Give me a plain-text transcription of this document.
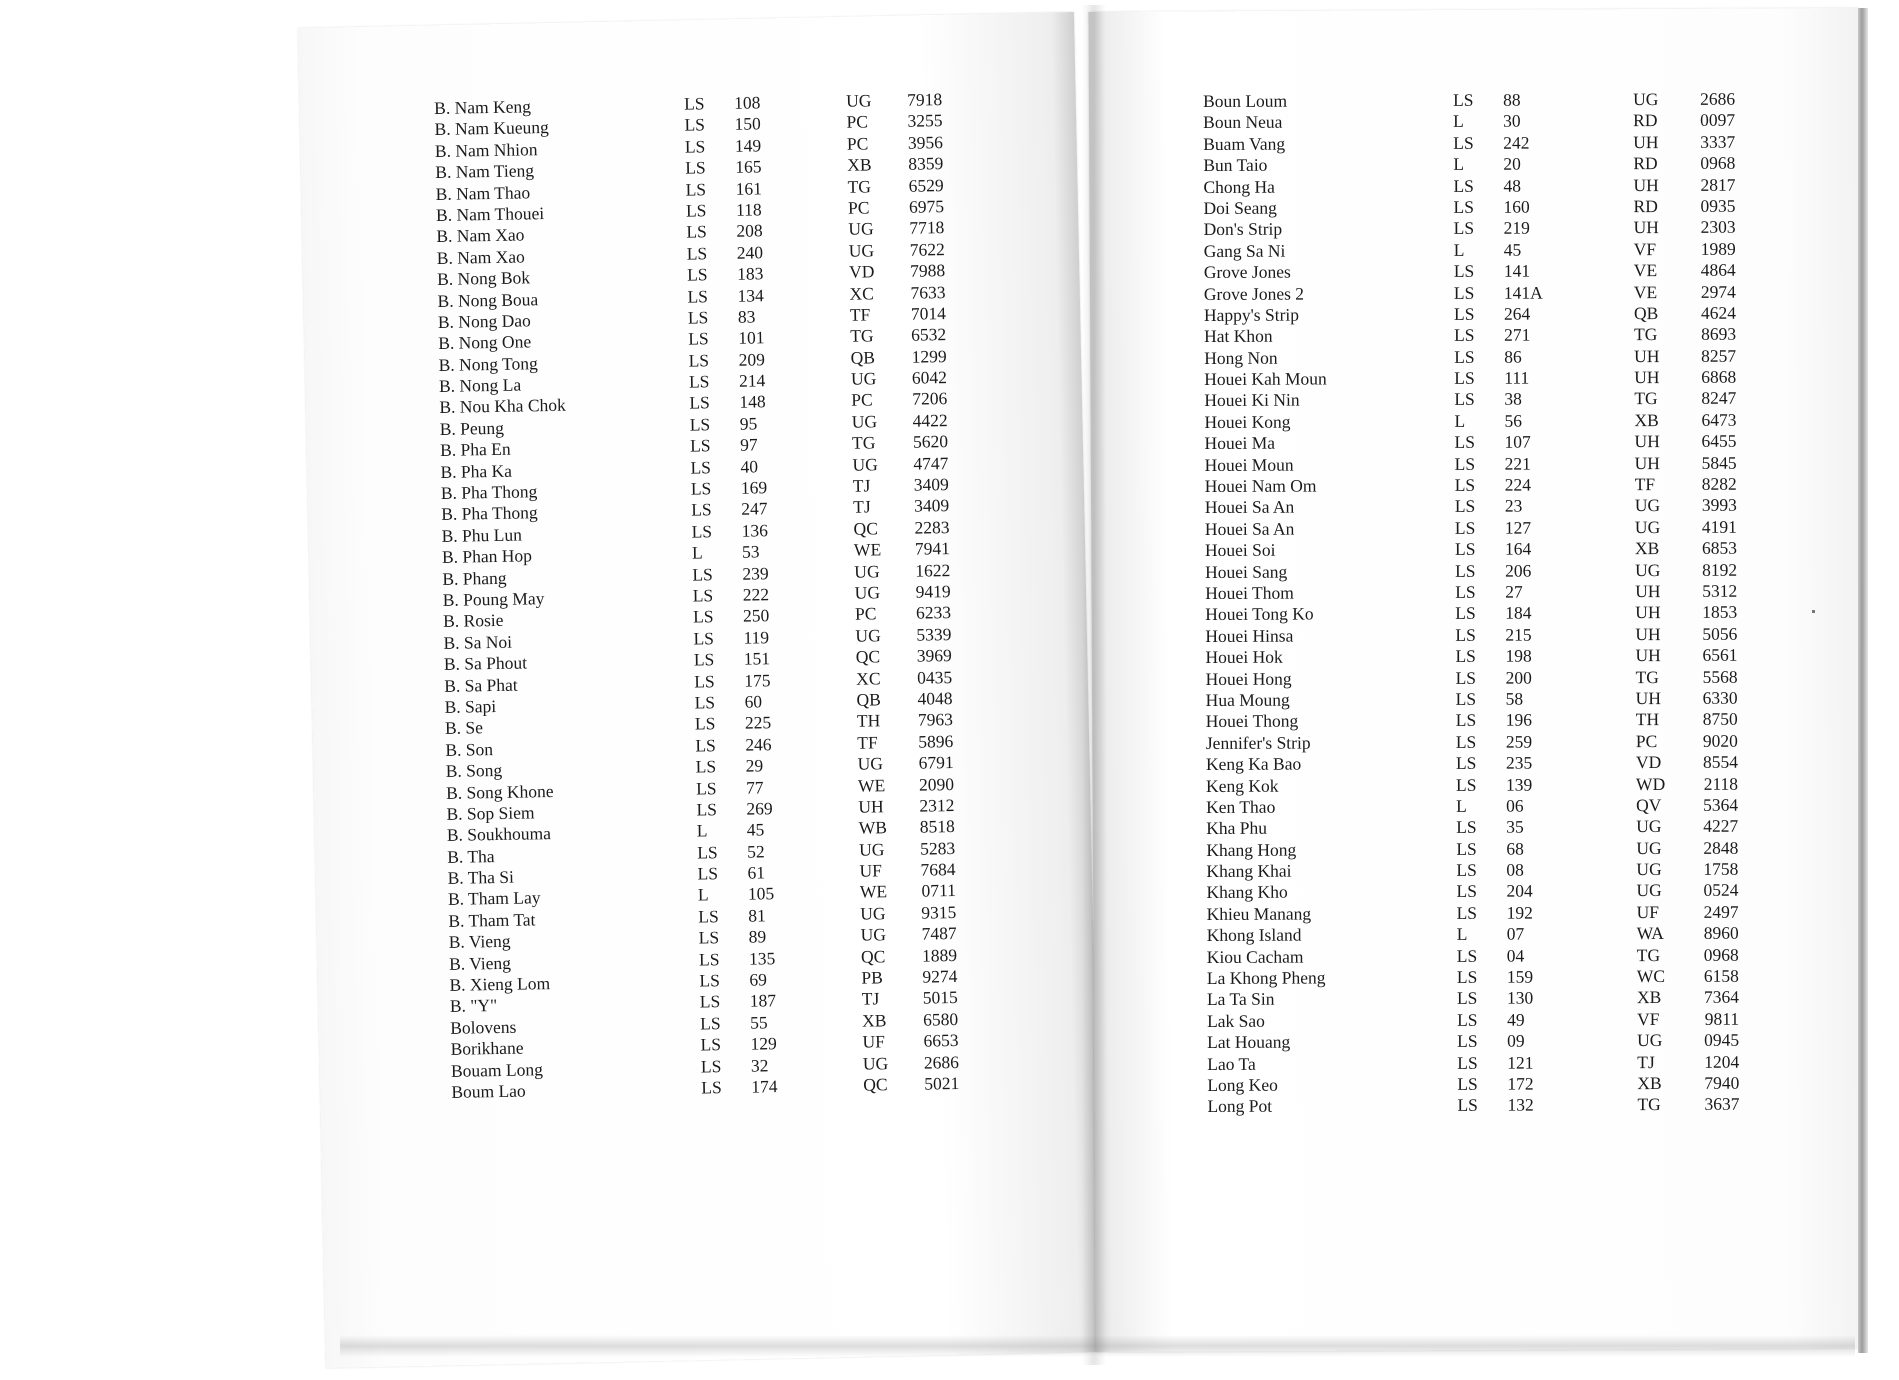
B. Nam Keng	LS	108	UG	7918
B. Nam Kueung	LS	150	PC	3255
B. Nam Nhion	LS	149	PC	3956
B. Nam Tieng	LS	165	XB	8359
B. Nam Thao	LS	161	TG	6529
B. Nam Thouei	LS	118	PC	6975
B. Nam Xao	LS	208	UG	7718
B. Nam Xao	LS	240	UG	7622
B. Nong Bok	LS	183	VD	7988
B. Nong Boua	LS	134	XC	7633
B. Nong Dao	LS	83	TF	7014
B. Nong One	LS	101	TG	6532
B. Nong Tong	LS	209	QB	1299
B. Nong La	LS	214	UG	6042
B. Nou Kha Chok	LS	148	PC	7206
B. Peung	LS	95	UG	4422
B. Pha En	LS	97	TG	5620
B. Pha Ka	LS	40	UG	4747
B. Pha Thong	LS	169	TJ	3409
B. Pha Thong	LS	247	TJ	3409
B. Phu Lun	LS	136	QC	2283
B. Phan Hop	L	53	WE	7941
B. Phang	LS	239	UG	1622
B. Poung May	LS	222	UG	9419
B. Rosie	LS	250	PC	6233
B. Sa Noi	LS	119	UG	5339
B. Sa Phout	LS	151	QC	3969
B. Sa Phat	LS	175	XC	0435
B. Sapi	LS	60	QB	4048
B. Se	LS	225	TH	7963
B. Son	LS	246	TF	5896
B. Song	LS	29	UG	6791
B. Song Khone	LS	77	WE	2090
B. Sop Siem	LS	269	UH	2312
B. Soukhouma	L	45	WB	8518
B. Tha	LS	52	UG	5283
B. Tha Si	LS	61	UF	7684
B. Tham Lay	L	105	WE	0711
B. Tham Tat	LS	81	UG	9315
B. Vieng	LS	89	UG	7487
B. Vieng	LS	135	QC	1889
B. Xieng Lom	LS	69	PB	9274
B. "Y"	LS	187	TJ	5015
Bolovens	LS	55	XB	6580
Borikhane	LS	129	UF	6653
Bouam Long	LS	32	UG	2686
Boum Lao	LS	174	QC	5021
Boun Loum	LS	88	UG	2686
Boun Neua	L	30	RD	0097
Buam Vang	LS	242	UH	3337
Bun Taio	L	20	RD	0968
Chong Ha	LS	48	UH	2817
Doi Seang	LS	160	RD	0935
Don's Strip	LS	219	UH	2303
Gang Sa Ni	L	45	VF	1989
Grove Jones	LS	141	VE	4864
Grove Jones 2	LS	141A	VE	2974
Happy's Strip	LS	264	QB	4624
Hat Khon	LS	271	TG	8693
Hong Non	LS	86	UH	8257
Houei Kah Moun	LS	111	UH	6868
Houei Ki Nin	LS	38	TG	8247
Houei Kong	L	56	XB	6473
Houei Ma	LS	107	UH	6455
Houei Moun	LS	221	UH	5845
Houei Nam Om	LS	224	TF	8282
Houei Sa An	LS	23	UG	3993
Houei Sa An	LS	127	UG	4191
Houei Soi	LS	164	XB	6853
Houei Sang	LS	206	UG	8192
Houei Thom	LS	27	UH	5312
Houei Tong Ko	LS	184	UH	1853
Houei Hinsa	LS	215	UH	5056
Houei Hok	LS	198	UH	6561
Houei Hong	LS	200	TG	5568
Hua Moung	LS	58	UH	6330
Houei Thong	LS	196	TH	8750
Jennifer's Strip	LS	259	PC	9020
Keng Ka Bao	LS	235	VD	8554
Keng Kok	LS	139	WD	2118
Ken Thao	L	06	QV	5364
Kha Phu	LS	35	UG	4227
Khang Hong	LS	68	UG	2848
Khang Khai	LS	08	UG	1758
Khang Kho	LS	204	UG	0524
Khieu Manang	LS	192	UF	2497
Khong Island	L	07	WA	8960
Kiou Cacham	LS	04	TG	0968
La Khong Pheng	LS	159	WC	6158
La Ta Sin	LS	130	XB	7364
Lak Sao	LS	49	VF	9811
Lat Houang	LS	09	UG	0945
Lao Ta	LS	121	TJ	1204
Long Keo	LS	172	XB	7940
Long Pot	LS	132	TG	3637
